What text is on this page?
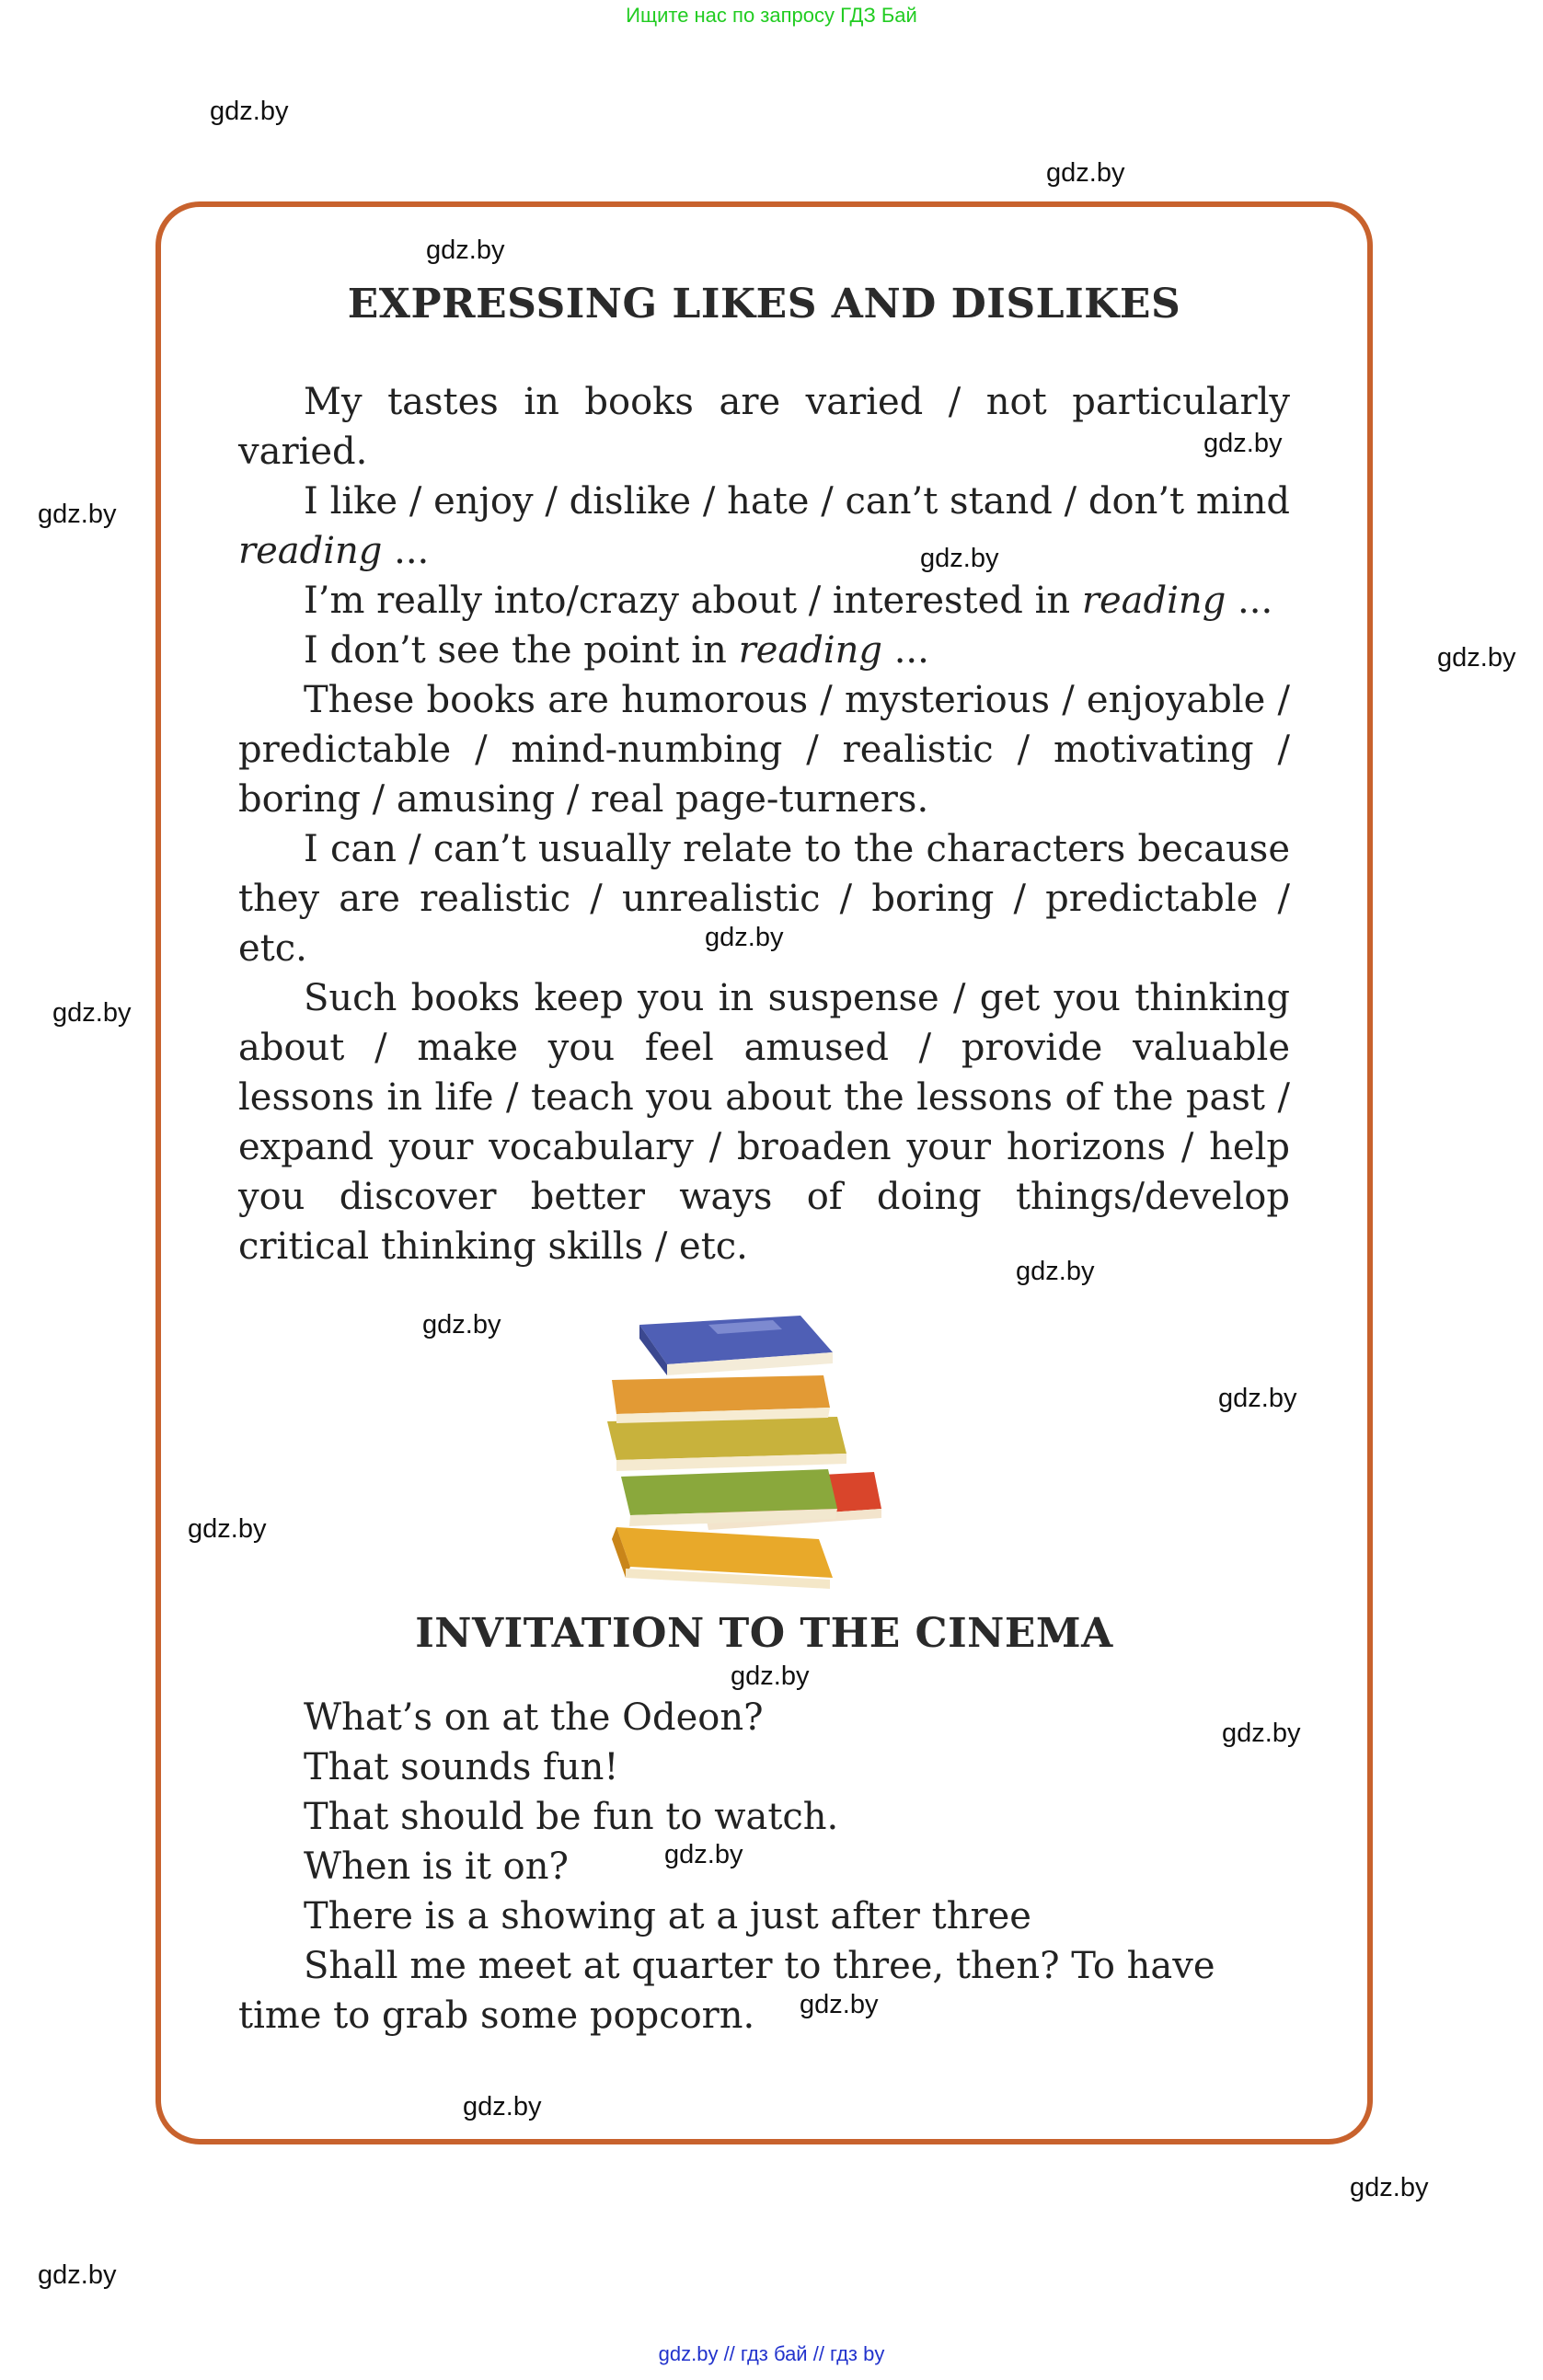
Ищите нас по запросу ГДЗ Бай
gdz.by
gdz.by
gdz.by
gdz.by
gdz.by
gdz.by
gdz.by
gdz.by
gdz.by
gdz.by
gdz.by
gdz.by
gdz.by
gdz.by
gdz.by
gdz.by
gdz.by
gdz.by
gdz.by
gdz.by
EXPRESSING LIKES AND DISLIKES

My tastes in books are varied / not particularly varied.

I like / enjoy / dislike / hate / can’t stand / don’t mind reading ...

I’m really into/crazy about / interested in reading ...

I don’t see the point in reading ...

These books are humorous / mysterious / enjoyable / predictable / mind-numbing / realistic / motivating / boring / amusing / real page-turners.

I can / can’t usually relate to the characters because they are realistic / unrealistic / boring / predictable / etc.

Such books keep you in suspense / get you thinking about / make you feel amused / provide valuable lessons in life / teach you about the lessons of the past / expand your vocabulary / broaden your horizons / help you discover better ways of doing things/develop critical thinking skills / etc.

INVITATION TO THE CINEMA

What’s on at the Odeon?

That sounds fun!

That should be fun to watch.

When is it on?

There is a showing at a just after three

Shall me meet at quarter to three, then? To have time to grab some popcorn.

gdz.by // гдз бай // гдз by
